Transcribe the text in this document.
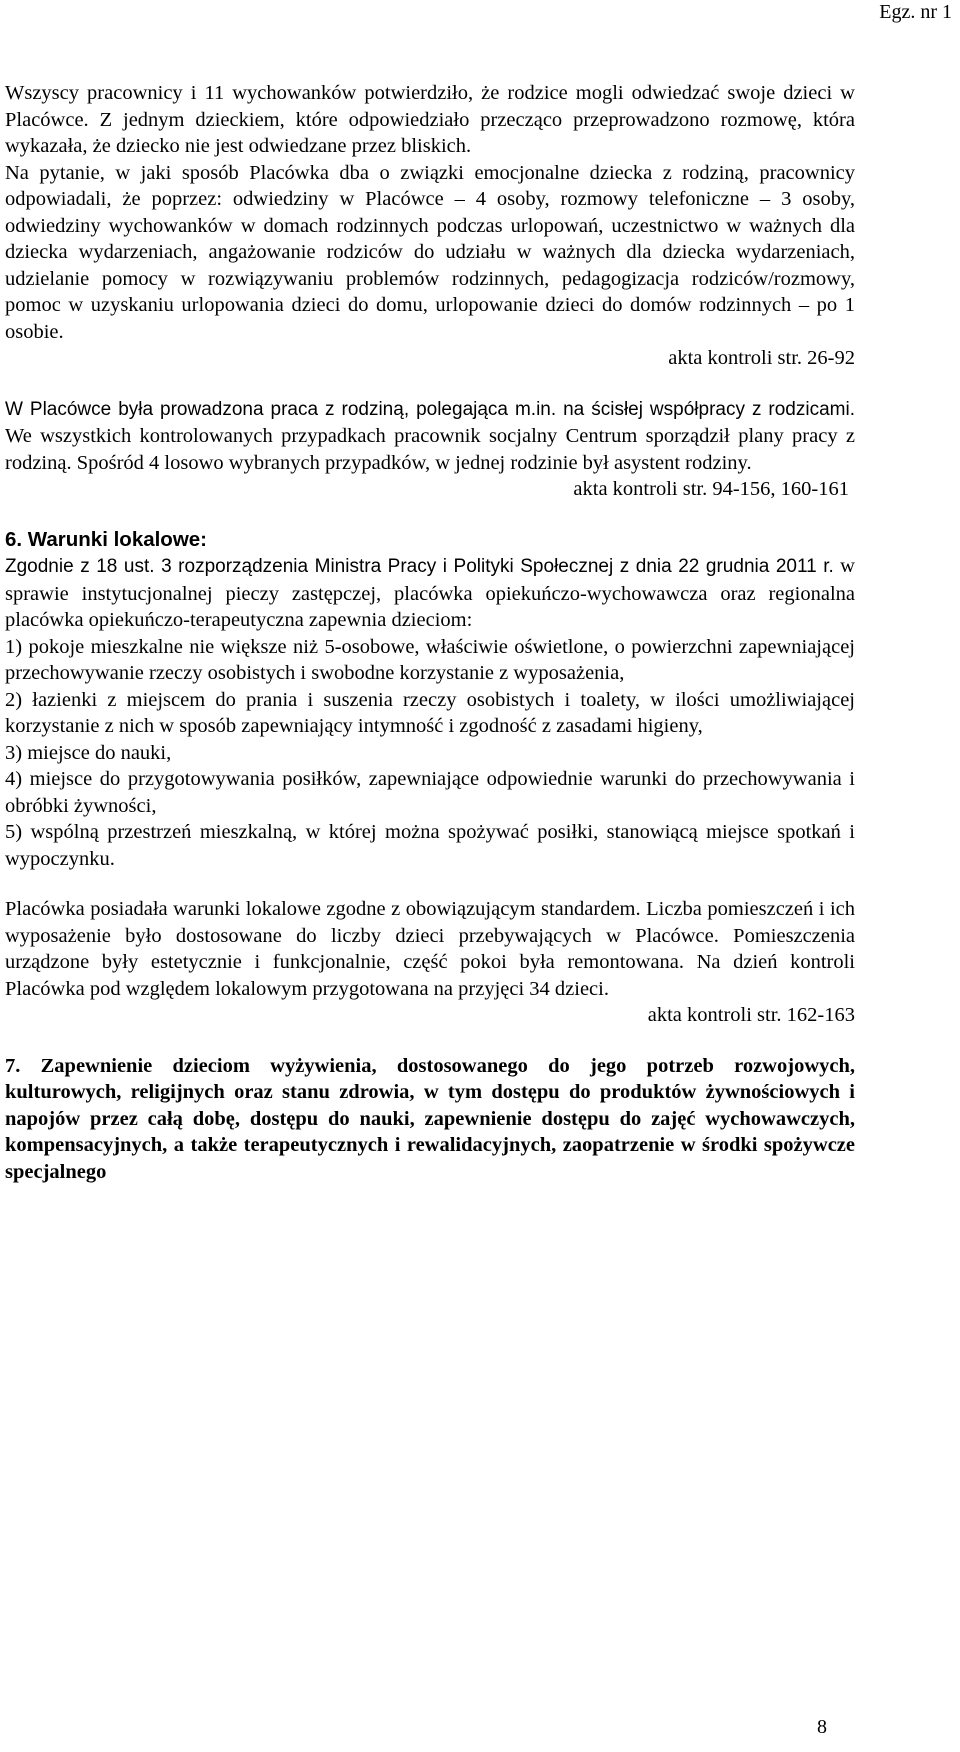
Egz. nr 1

Wszyscy pracownicy i 11 wychowanków potwierdziło, że rodzice mogli odwiedzać swoje dzieci w Placówce. Z jednym dzieckiem, które odpowiedziało przecząco przeprowadzono rozmowę, która wykazała, że dziecko nie jest odwiedzane przez bliskich.

Na pytanie, w jaki sposób Placówka dba o związki emocjonalne dziecka z rodziną, pracownicy odpowiadali, że poprzez: odwiedziny w Placówce – 4 osoby, rozmowy telefoniczne – 3 osoby, odwiedziny wychowanków w domach rodzinnych podczas urlopowań, uczestnictwo w ważnych dla dziecka wydarzeniach, angażowanie rodziców do udziału w ważnych dla dziecka wydarzeniach, udzielanie pomocy w rozwiązywaniu problemów rodzinnych, pedagogizacja rodziców/rozmowy, pomoc w uzyskaniu urlopowania dzieci do domu, urlopowanie dzieci do domów rodzinnych – po 1 osobie.

akta kontroli str. 26-92

W Placówce była prowadzona praca z rodziną, polegająca m.in. na ścisłej współpracy z rodzicami. We wszystkich kontrolowanych przypadkach pracownik socjalny Centrum sporządził plany pracy z rodziną. Spośród 4 losowo wybranych przypadków, w jednej rodzinie był asystent rodziny.

akta kontroli str. 94-156, 160-161

6. Warunki lokalowe:

Zgodnie z 18 ust. 3 rozporządzenia Ministra Pracy i Polityki Społecznej z dnia 22 grudnia 2011 r. w sprawie instytucjonalnej pieczy zastępczej, placówka opiekuńczo-wychowawcza oraz regionalna placówka opiekuńczo-terapeutyczna zapewnia dzieciom:

1) pokoje mieszkalne nie większe niż 5-osobowe, właściwie oświetlone, o powierzchni zapewniającej przechowywanie rzeczy osobistych i swobodne korzystanie z wyposażenia,

2) łazienki z miejscem do prania i suszenia rzeczy osobistych i toalety, w ilości umożliwiającej korzystanie z nich w sposób zapewniający intymność i zgodność z zasadami higieny,

3) miejsce do nauki,

4) miejsce do przygotowywania posiłków, zapewniające odpowiednie warunki do przechowywania i obróbki żywności,

5) wspólną przestrzeń mieszkalną, w której można spożywać posiłki, stanowiącą miejsce spotkań i wypoczynku.

Placówka posiadała warunki lokalowe zgodne z obowiązującym standardem. Liczba pomieszczeń i ich wyposażenie było dostosowane do liczby dzieci przebywających w Placówce. Pomieszczenia urządzone były estetycznie i funkcjonalnie, część pokoi była remontowana. Na dzień kontroli Placówka pod względem lokalowym przygotowana na przyjęci 34 dzieci.

akta kontroli str. 162-163

7. Zapewnienie dzieciom wyżywienia, dostosowanego do jego potrzeb rozwojowych, kulturowych, religijnych oraz stanu zdrowia, w tym dostępu do produktów żywnościowych i napojów przez całą dobę, dostępu do nauki, zapewnienie dostępu do zajęć wychowawczych, kompensacyjnych, a także terapeutycznych i rewalidacyjnych, zaopatrzenie w środki spożywcze specjalnego

8
